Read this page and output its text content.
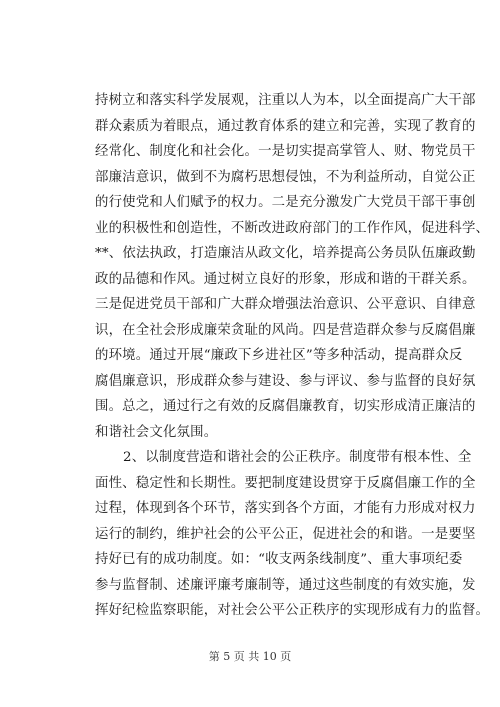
持树立和落实科学发展观，注重以人为本，以全面提高广大干部
群众素质为着眼点，通过教育体系的建立和完善，实现了教育的
经常化、制度化和社会化。一是切实提高掌管人、财、物党员干
部廉洁意识，做到不为腐朽思想侵蚀，不为利益所动，自觉公正
的行使党和人们赋予的权力。二是充分激发广大党员干部干事创
业的积极性和创造性，不断改进政府部门的工作作风，促进科学、
**、依法执政，打造廉洁从政文化，培养提高公务员队伍廉政勤
政的品德和作风。通过树立良好的形象，形成和谐的干群关系。
三是促进党员干部和广大群众增强法治意识、公平意识、自律意
识，在全社会形成廉荣贪耻的风尚。四是营造群众参与反腐倡廉
的环境。通过开展“廉政下乡进社区”等多种活动，提高群众反
腐倡廉意识，形成群众参与建设、参与评议、参与监督的良好氛
围。总之，通过行之有效的反腐倡廉教育，切实形成清正廉洁的
和谐社会文化氛围。
2、以制度营造和谐社会的公正秩序。制度带有根本性、全
面性、稳定性和长期性。要把制度建设贯穿于反腐倡廉工作的全
过程，体现到各个环节，落实到各个方面，才能有力形成对权力
运行的制约，维护社会的公平公正，促进社会的和谐。一是要坚
持好已有的成功制度。如：“收支两条线制度”、重大事项纪委
参与监督制、述廉评廉考廉制等，通过这些制度的有效实施，发
挥好纪检监察职能，对社会公平公正秩序的实现形成有力的监督。
第 5 页 共 10 页
